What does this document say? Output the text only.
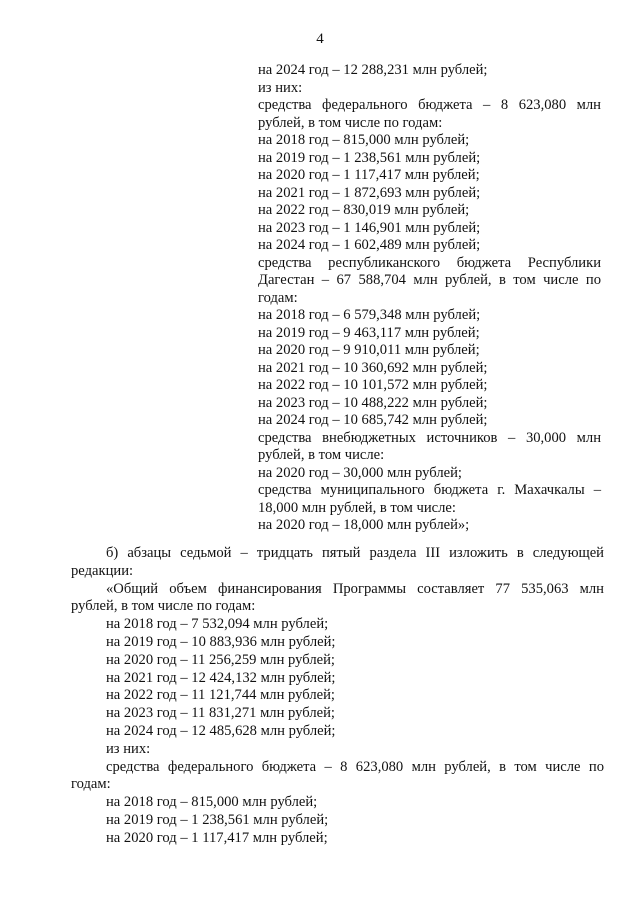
4
на 2024 год – 12 288,231 млн рублей;
из них:
средства федерального бюджета – 8 623,080 млн
рублей, в том числе по годам:
на 2018 год – 815,000 млн рублей;
на 2019 год – 1 238,561 млн рублей;
на 2020 год – 1 117,417 млн рублей;
на 2021 год – 1 872,693 млн рублей;
на 2022 год – 830,019 млн рублей;
на 2023 год – 1 146,901 млн рублей;
на 2024 год – 1 602,489 млн рублей;
средства республиканского бюджета Республики
Дагестан – 67 588,704 млн рублей, в том числе по
годам:
на 2018 год – 6 579,348 млн рублей;
на 2019 год – 9 463,117 млн рублей;
на 2020 год – 9 910,011 млн рублей;
на 2021 год – 10 360,692 млн рублей;
на 2022 год – 10 101,572 млн рублей;
на 2023 год – 10 488,222 млн рублей;
на 2024 год – 10 685,742 млн рублей;
средства внебюджетных источников – 30,000 млн
рублей, в том числе:
на 2020 год – 30,000 млн рублей;
средства муниципального бюджета г. Махачкалы –
18,000 млн рублей, в том числе:
на 2020 год – 18,000 млн рублей»;
б) абзацы седьмой – тридцать пятый раздела III изложить в следующей
редакции:
«Общий объем финансирования Программы составляет 77 535,063 млн
рублей, в том числе по годам:
на 2018 год – 7 532,094 млн рублей;
на 2019 год – 10 883,936 млн рублей;
на 2020 год – 11 256,259 млн рублей;
на 2021 год – 12 424,132 млн рублей;
на 2022 год – 11 121,744 млн рублей;
на 2023 год – 11 831,271 млн рублей;
на 2024 год – 12 485,628 млн рублей;
из них:
средства федерального бюджета – 8 623,080 млн рублей, в том числе по
годам:
на 2018 год – 815,000 млн рублей;
на 2019 год – 1 238,561 млн рублей;
на 2020 год – 1 117,417 млн рублей;
